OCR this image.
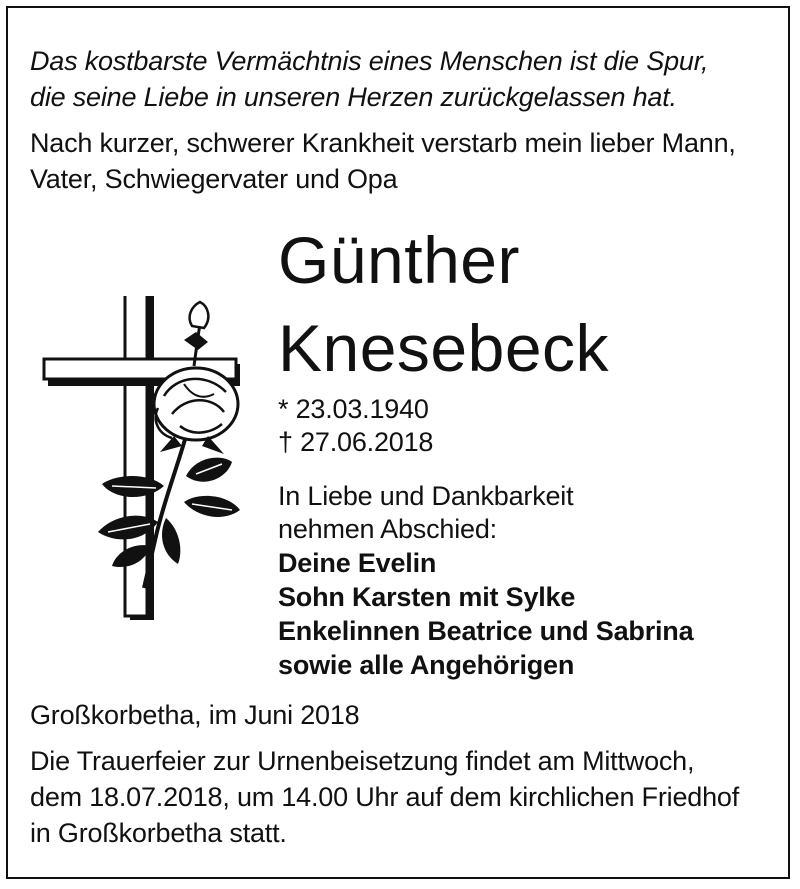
Das kostbarste Vermächtnis eines Menschen ist die Spur,
die seine Liebe in unseren Herzen zurückgelassen hat.
Nach kurzer, schwerer Krankheit verstarb mein lieber Mann,
Vater, Schwiegervater und Opa
Günther
Knesebeck
* 23.03.1940
† 27.06.2018
In Liebe und Dankbarkeit
nehmen Abschied:
Deine Evelin
Sohn Karsten mit Sylke
Enkelinnen Beatrice und Sabrina
sowie alle Angehörigen
Großkorbetha, im Juni 2018
Die Trauerfeier zur Urnenbeisetzung findet am Mittwoch,
dem 18.07.2018, um 14.00 Uhr auf dem kirchlichen Friedhof
in Großkorbetha statt.
